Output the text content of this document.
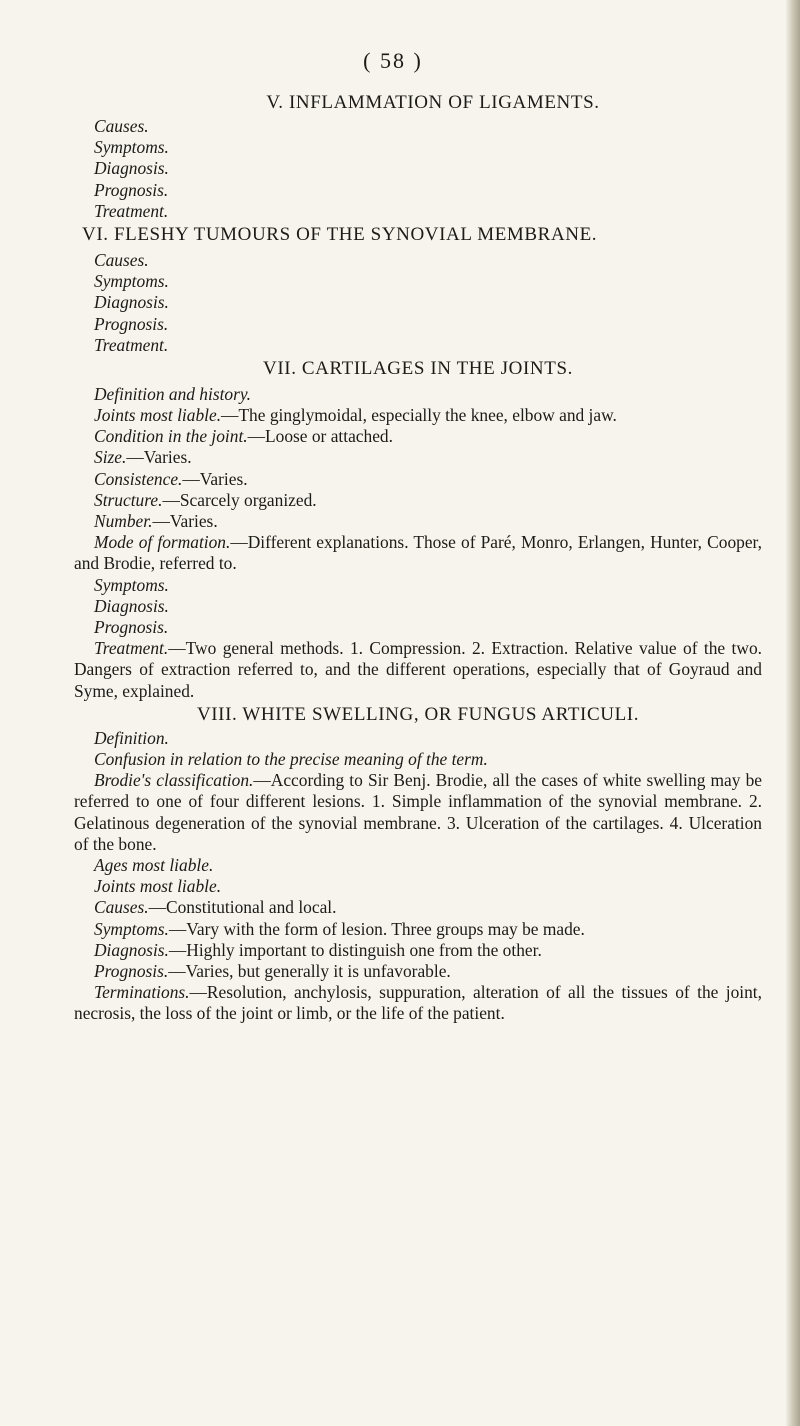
( 58 )
V. INFLAMMATION OF LIGAMENTS.
Causes.
Symptoms.
Diagnosis.
Prognosis.
Treatment.
VI. FLESHY TUMOURS OF THE SYNOVIAL MEMBRANE.
Causes.
Symptoms.
Diagnosis.
Prognosis.
Treatment.
VII. CARTILAGES IN THE JOINTS.
Definition and history.

Joints most liable.—The ginglymoidal, especially the knee, elbow and jaw.

Condition in the joint.—Loose or attached.

Size.—Varies.

Consistence.—Varies.

Structure.—Scarcely organized.

Number.—Varies.

Mode of formation.—Different explanations. Those of Paré, Monro, Erlangen, Hunter, Cooper, and Brodie, referred to.

Symptoms.
Diagnosis.
Prognosis.

Treatment.—Two general methods. 1. Compression. 2. Extraction. Relative value of the two. Dangers of extraction referred to, and the different operations, especially that of Goyraud and Syme, explained.

VIII. WHITE SWELLING, OR FUNGUS ARTICULI.
Definition.
Confusion in relation to the precise meaning of the term.

Brodie's classification.—According to Sir Benj. Brodie, all the cases of white swelling may be referred to one of four different lesions. 1. Simple inflammation of the synovial membrane. 2. Gelatinous degeneration of the synovial membrane. 3. Ulceration of the cartilages. 4. Ulceration of the bone.

Ages most liable.
Joints most liable.

Causes.—Constitutional and local.

Symptoms.—Vary with the form of lesion. Three groups may be made.

Diagnosis.—Highly important to distinguish one from the other.

Prognosis.—Varies, but generally it is unfavorable.

Terminations.—Resolution, anchylosis, suppuration, alteration of all the tissues of the joint, necrosis, the loss of the joint or limb, or the life of the patient.
